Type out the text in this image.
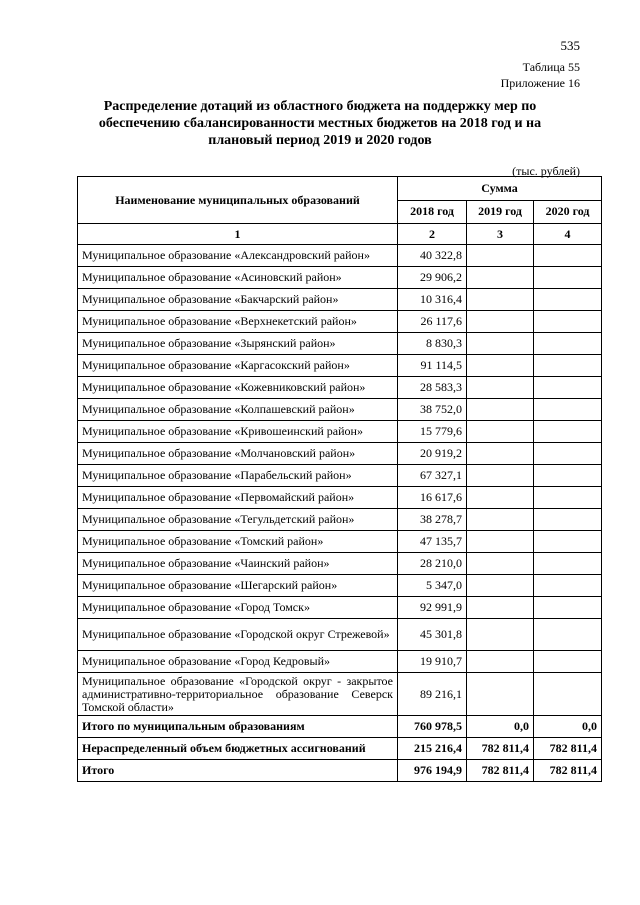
535
Таблица 55
Приложение 16
Распределение дотаций из областного бюджета на поддержку мер по обеспечению сбалансированности местных бюджетов на 2018 год и на плановый период 2019 и 2020 годов
(тыс. рублей)
Наименование муниципальных образований	Сумма		
	2018 год	2019 год	2020 год
1	2	3	4
Муниципальное образование «Александровский район»	40 322,8		
Муниципальное образование «Асиновский район»	29 906,2		
Муниципальное образование «Бакчарский район»	10 316,4		
Муниципальное образование «Верхнекетский район»	26 117,6		
Муниципальное образование «Зырянский район»	8 830,3		
Муниципальное образование «Каргасокский район»	91 114,5		
Муниципальное образование «Кожевниковский район»	28 583,3		
Муниципальное образование «Колпашевский район»	38 752,0		
Муниципальное образование «Кривошеинский район»	15 779,6		
Муниципальное образование «Молчановский район»	20 919,2		
Муниципальное образование «Парабельский район»	67 327,1		
Муниципальное образование «Первомайский район»	16 617,6		
Муниципальное образование «Тегульдетский район»	38 278,7		
Муниципальное образование «Томский район»	47 135,7		
Муниципальное образование «Чаинский район»	28 210,0		
Муниципальное образование «Шегарский район»	5 347,0		
Муниципальное образование «Город Томск»	92 991,9		
Муниципальное образование «Городской округ Стрежевой»	45 301,8		
Муниципальное образование «Город Кедровый»	19 910,7		
Муниципальное образование «Городской округ - закрытое административно-территориальное образование Северск Томской области»	89 216,1		
Итого по муниципальным образованиям	760 978,5	0,0	0,0
Нераспределенный объем бюджетных ассигнований	215 216,4	782 811,4	782 811,4
Итого	976 194,9	782 811,4	782 811,4
